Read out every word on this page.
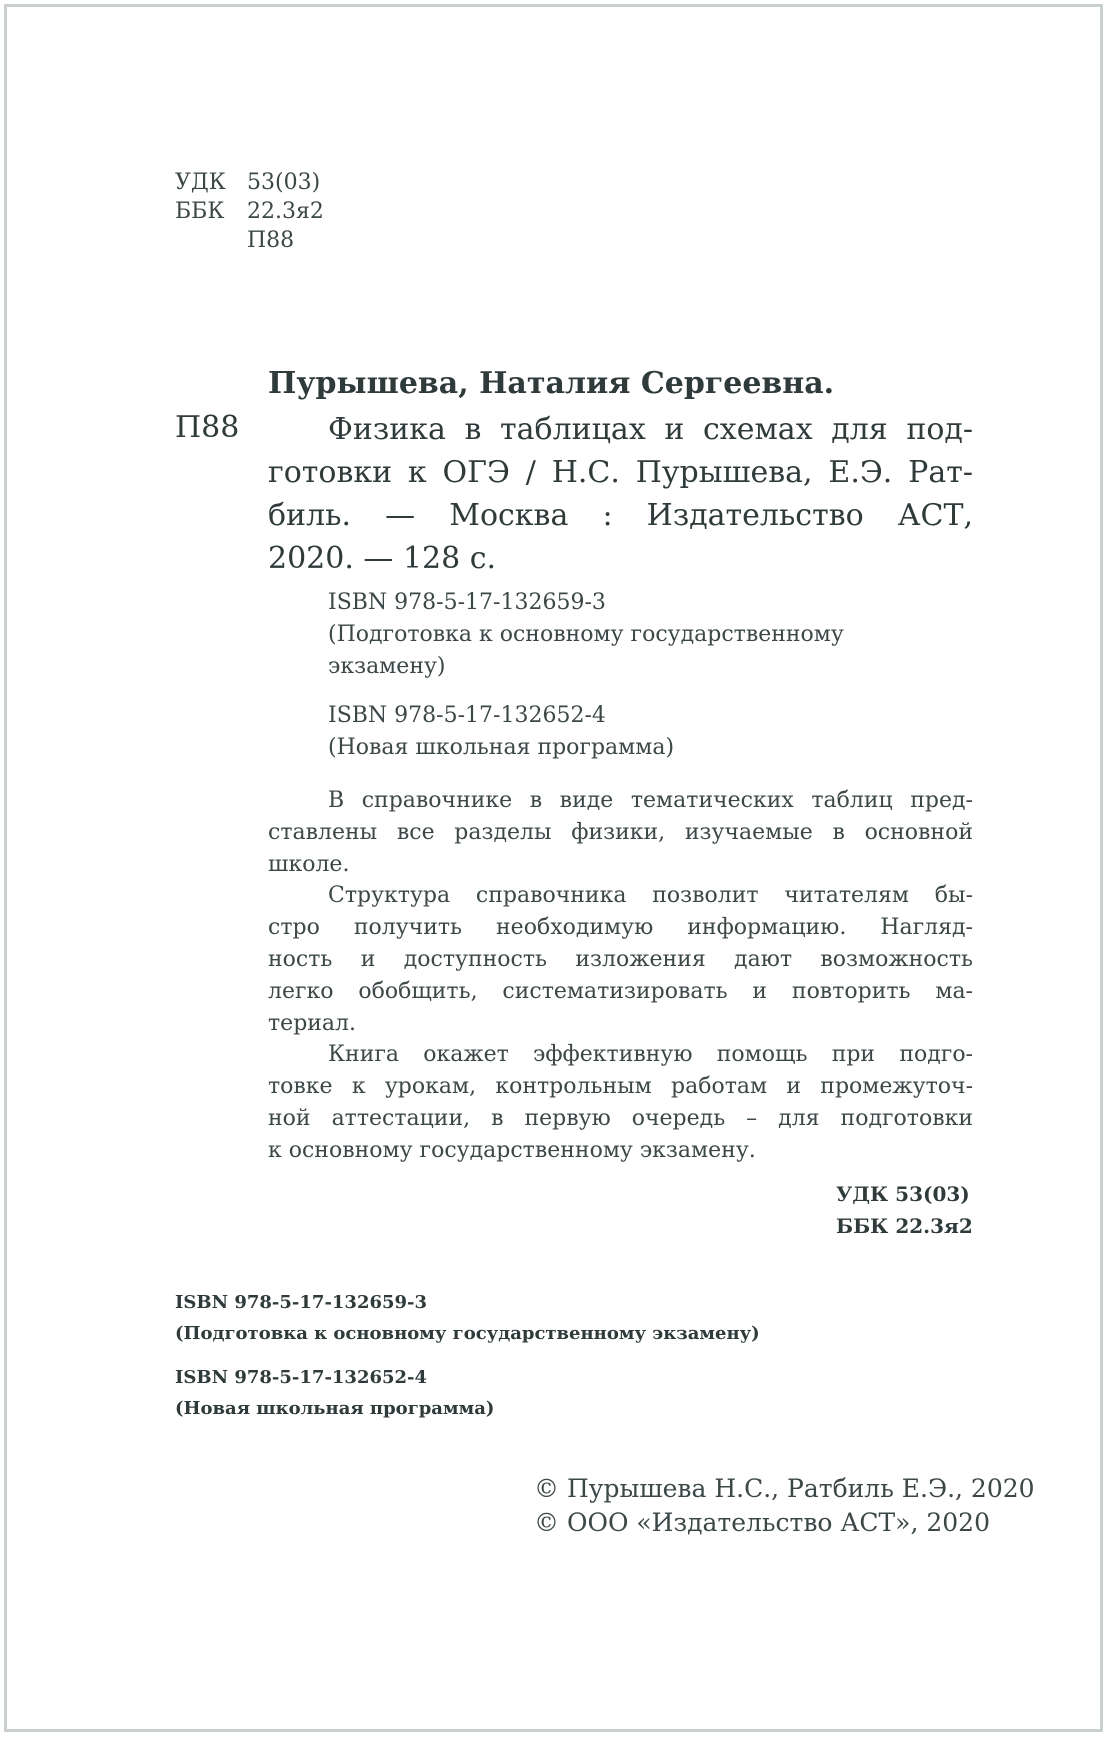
УДК 53(03)
ББК 22.3я2
П88
Пурышева, Наталия Сергеевна.
П88	Физика в таблицах и схемах для под-
готовки к ОГЭ / Н.С. Пурышева, Е.Э. Рат-
биль. — Москва : Издательство АСТ,
2020. — 128 с.
ISBN 978-5-17-132659-3
(Подготовка к основному государственному
экзамену)
ISBN 978-5-17-132652-4
(Новая школьная программа)
В справочнике в виде тематических таблиц пред-
ставлены все разделы физики, изучаемые в основной
школе.
Структура справочника позволит читателям бы-
стро получить необходимую информацию. Нагляд-
ность и доступность изложения дают возможность
легко обобщить, систематизировать и повторить ма-
териал.
Книга окажет эффективную помощь при подго-
товке к урокам, контрольным работам и промежуточ-
ной аттестации, в первую очередь – для подготовки
к основному государственному экзамену.
УДК 53(03)
ББК 22.3я2
ISBN 978-5-17-132659-3
(Подготовка к основному государственному экзамену)
ISBN 978-5-17-132652-4
(Новая школьная программа)
© Пурышева Н.С., Ратбиль Е.Э., 2020
© ООО «Издательство АСТ», 2020
